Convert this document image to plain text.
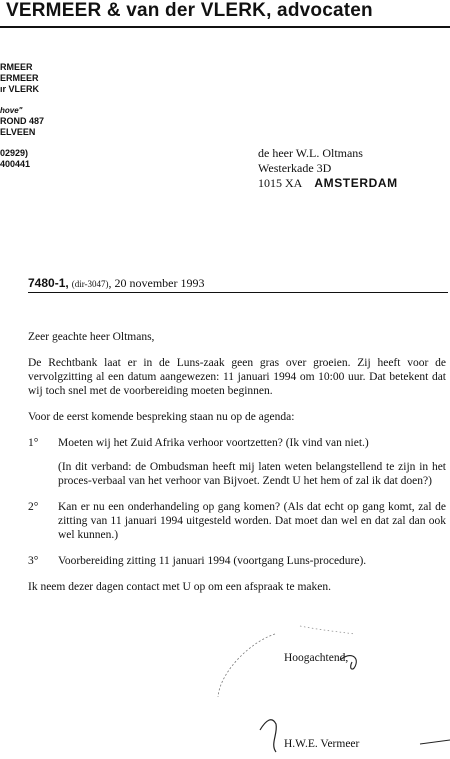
VERMEER & van der VLERK, advocaten
RMEER
ERMEER
ır VLERK
hove"
ROND 487
ELVEEN
02929)
400441
de heer W.L. Oltmans
Westerkade 3D
1015 XA AMSTERDAM
7480-1, (dir-3047), 20 november 1993

Zeer geachte heer Oltmans,

De Rechtbank laat er in de Luns-zaak geen gras over groeien. Zij heeft voor de vervolgzitting al een datum aangewezen: 11 januari 1994 om 10:00 uur. Dat betekent dat wij toch snel met de voorbereiding moeten beginnen.

Voor de eerst komende bespreking staan nu op de agenda:

1°	Moeten wij het Zuid Afrika verhoor voortzetten? (Ik vind van niet.)

(In dit verband: de Ombudsman heeft mij laten weten belangstellend te zijn in het proces-verbaal van het verhoor van Bijvoet. Zendt U het hem of zal ik dat doen?)

2°	Kan er nu een onderhandeling op gang komen? (Als dat echt op gang komt, zal de zitting van 11 januari 1994 uitgesteld worden. Dat moet dan wel en dat zal dan ook wel kunnen.)

3°	Voorbereiding zitting 11 januari 1994 (voortgang Luns-procedure).

Ik neem dezer dagen contact met U op om een afspraak te maken.

Hoogachtend,
H.W.E. Vermeer
